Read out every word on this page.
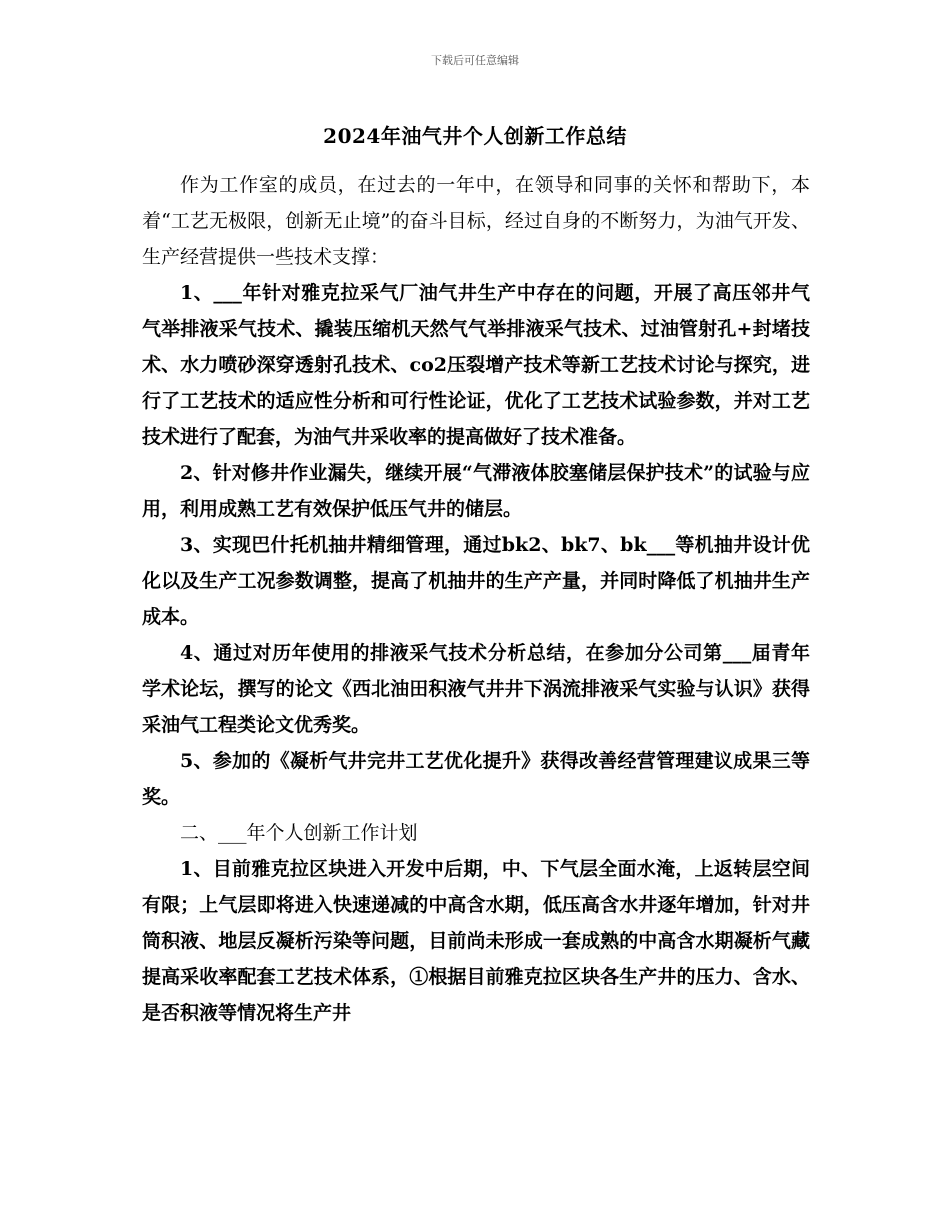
下载后可任意编辑
2024年油气井个人创新工作总结

作为工作室的成员，在过去的一年中，在领导和同事的关怀和帮助下，本着“工艺无极限，创新无止境”的奋斗目标，经过自身的不断努力，为油气开发、生产经营提供一些技术支撑：

1、___年针对雅克拉采气厂油气井生产中存在的问题，开展了高压邻井气气举排液采气技术、撬装压缩机天然气气举排液采气技术、过油管射孔+封堵技术、水力喷砂深穿透射孔技术、co2压裂增产技术等新工艺技术讨论与探究，进行了工艺技术的适应性分析和可行性论证，优化了工艺技术试验参数，并对工艺技术进行了配套，为油气井采收率的提高做好了技术准备。

2、针对修井作业漏失，继续开展“气滞液体胶塞储层保护技术”的试验与应用，利用成熟工艺有效保护低压气井的储层。

3、实现巴什托机抽井精细管理，通过bk2、bk7、bk___等机抽井设计优化以及生产工况参数调整，提高了机抽井的生产产量，并同时降低了机抽井生产成本。

4、通过对历年使用的排液采气技术分析总结，在参加分公司第___届青年学术论坛，撰写的论文《西北油田积液气井井下涡流排液采气实验与认识》获得采油气工程类论文优秀奖。

5、参加的《凝析气井完井工艺优化提升》获得改善经营管理建议成果三等奖。

二、___年个人创新工作计划

1、目前雅克拉区块进入开发中后期，中、下气层全面水淹，上返转层空间有限；上气层即将进入快速递减的中高含水期，低压高含水井逐年增加，针对井筒积液、地层反凝析污染等问题，目前尚未形成一套成熟的中高含水期凝析气藏提高采收率配套工艺技术体系，①根据目前雅克拉区块各生产井的压力、含水、是否积液等情况将生产井
